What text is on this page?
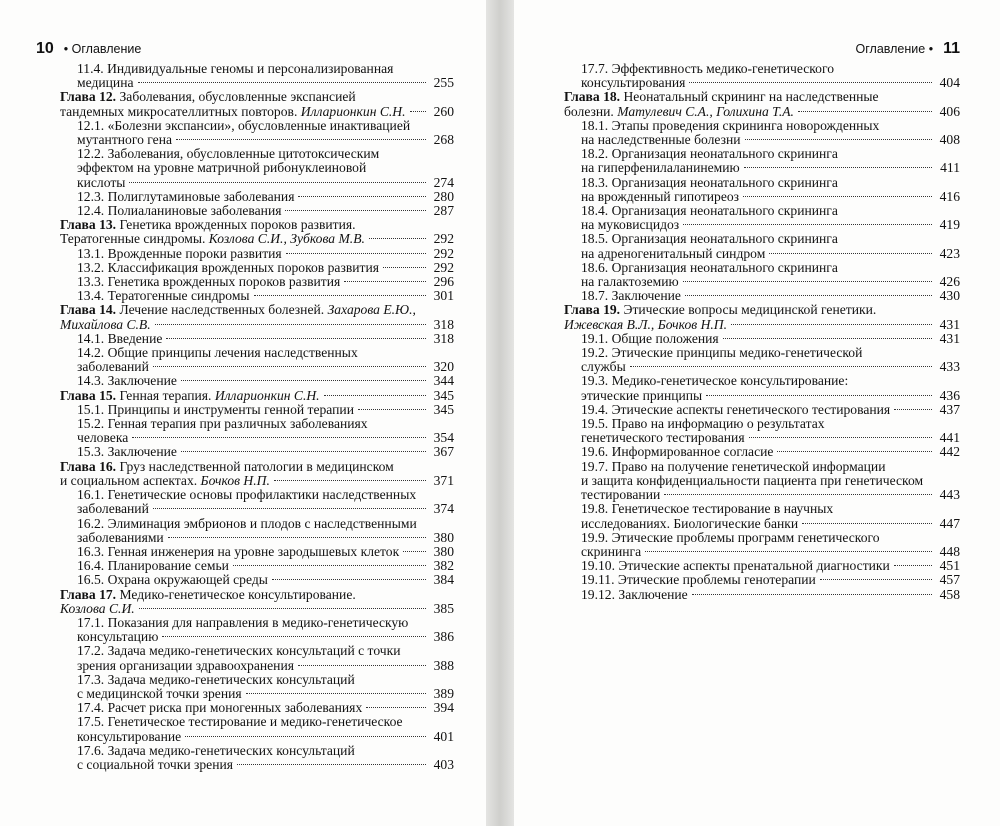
10 • Оглавление
11.4. Индивидуальные геномы и персонализированная
медицина	255
Глава 12. Заболевания, обусловленные экспансией
тандемных микросателлитных повторов. Илларионкин С.Н. 260
12.1. «Болезни экспансии», обусловленные инактивацией
мутантного гена	268
12.2. Заболевания, обусловленные цитотоксическим
эффектом на уровне матричной рибонуклеиновой
кислоты	274
12.3. Полиглутаминовые заболевания	280
12.4. Полиаланиновые заболевания	287
Глава 13. Генетика врожденных пороков развития.
Тератогенные синдромы. Козлова С.И., Зубкова М.В.	292
13.1. Врожденные пороки развития	292
13.2. Классификация врожденных пороков развития	292
13.3. Генетика врожденных пороков развития	296
13.4. Тератогенные синдромы	301
Глава 14. Лечение наследственных болезней. Захарова Е.Ю.,
Михайлова С.В.	318
14.1. Введение	318
14.2. Общие принципы лечения наследственных
заболеваний	320
14.3. Заключение	344
Глава 15. Генная терапия. Илларионкин С.Н.	345
15.1. Принципы и инструменты генной терапии	345
15.2. Генная терапия при различных заболеваниях
человека	354
15.3. Заключение	367
Глава 16. Груз наследственной патологии в медицинском
и социальном аспектах. Бочков Н.П.	371
16.1. Генетические основы профилактики наследственных
заболеваний	374
16.2. Элиминация эмбрионов и плодов с наследственными
заболеваниями	380
16.3. Генная инженерия на уровне зародышевых клеток	380
16.4. Планирование семьи	382
16.5. Охрана окружающей среды	384
Глава 17. Медико-генетическое консультирование.
Козлова С.И.	385
17.1. Показания для направления в медико-генетическую
консультацию	386
17.2. Задача медико-генетических консультаций с точки
зрения организации здравоохранения	388
17.3. Задача медико-генетических консультаций
с медицинской точки зрения	389
17.4. Расчет риска при моногенных заболеваниях	394
17.5. Генетическое тестирование и медико-генетическое
консультирование	401
17.6. Задача медико-генетических консультаций
с социальной точки зрения	403
Оглавление • 11
17.7. Эффективность медико-генетического
консультирования	404
Глава 18. Неонатальный скрининг на наследственные
болезни. Матулевич С.А., Голихина Т.А.	406
18.1. Этапы проведения скрининга новорожденных
на наследственные болезни	408
18.2. Организация неонатального скрининга
на гиперфенилаланинемию	411
18.3. Организация неонатального скрининга
на врожденный гипотиреоз	416
18.4. Организация неонатального скрининга
на муковисцидоз	419
18.5. Организация неонатального скрининга
на адреногенитальный синдром	423
18.6. Организация неонатального скрининга
на галактоземию	426
18.7. Заключение	430
Глава 19. Этические вопросы медицинской генетики.
Ижевская В.Л., Бочков Н.П.	431
19.1. Общие положения	431
19.2. Этические принципы медико-генетической
службы	433
19.3. Медико-генетическое консультирование:
этические принципы	436
19.4. Этические аспекты генетического тестирования	437
19.5. Право на информацию о результатах
генетического тестирования	441
19.6. Информированное согласие	442
19.7. Право на получение генетической информации
и защита конфиденциальности пациента при генетическом
тестировании	443
19.8. Генетическое тестирование в научных
исследованиях. Биологические банки	447
19.9. Этические проблемы программ генетического
скрининга	448
19.10. Этические аспекты пренатальной диагностики	451
19.11. Этические проблемы генотерапии	457
19.12. Заключение	458
